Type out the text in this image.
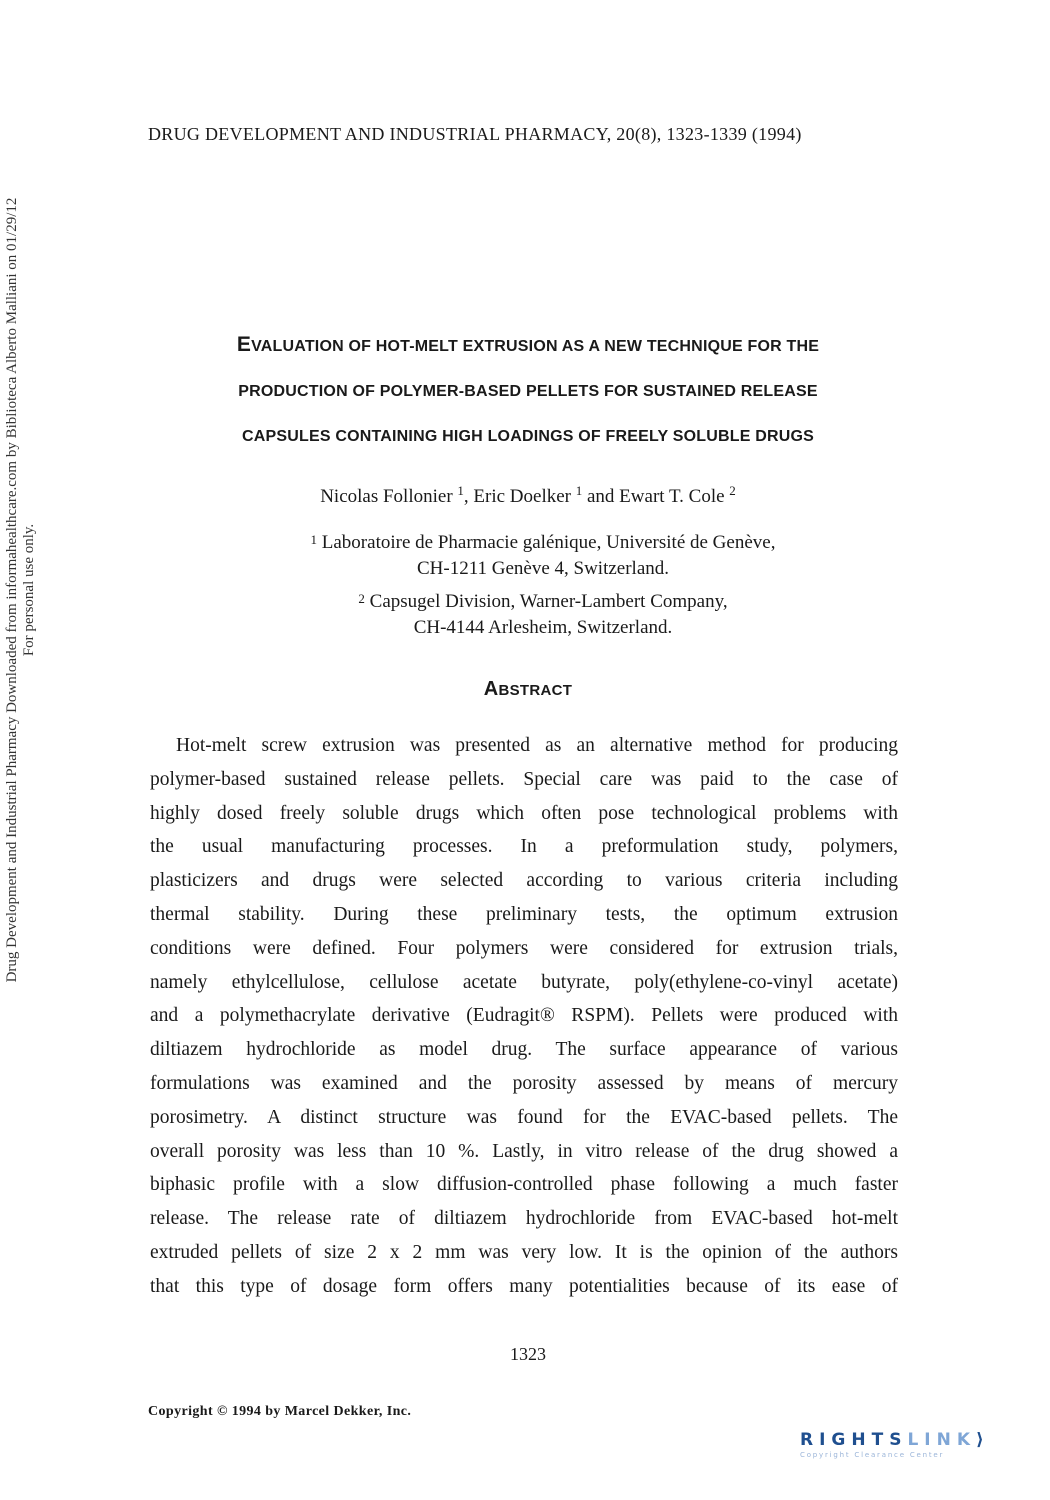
DRUG DEVELOPMENT AND INDUSTRIAL PHARMACY, 20(8), 1323-1339 (1994)
Drug Development and Industrial Pharmacy Downloaded from informahealthcare.com by Biblioteca Alberto Malliani on 01/29/12 For personal use only.
EVALUATION OF HOT-MELT EXTRUSION AS A NEW TECHNIQUE FOR THE
PRODUCTION OF POLYMER-BASED PELLETS FOR SUSTAINED RELEASE
CAPSULES CONTAINING HIGH LOADINGS OF FREELY SOLUBLE DRUGS
Nicolas Follonier $^1$, Eric Doelker $^1$ and Ewart T. Cole $^2$
$^1$ Laboratoire de Pharmacie galénique, Université de Genève,
CH-1211 Genève 4, Switzerland.
$^2$ Capsugel Division, Warner-Lambert Company,
CH-4144 Arlesheim, Switzerland.
ABSTRACT
Hot-melt screw extrusion was presented as an alternative method for producing
polymer-based sustained release pellets. Special care was paid to the case of
highly dosed freely soluble drugs which often pose technological problems with
the usual manufacturing processes. In a preformulation study, polymers,
plasticizers and drugs were selected according to various criteria including
thermal stability. During these preliminary tests, the optimum extrusion
conditions were defined. Four polymers were considered for extrusion trials,
namely ethylcellulose, cellulose acetate butyrate, poly(ethylene-co-vinyl acetate)
and a polymethacrylate derivative (Eudragit® RSPM). Pellets were produced with
diltiazem hydrochloride as model drug. The surface appearance of various
formulations was examined and the porosity assessed by means of mercury
porosimetry. A distinct structure was found for the EVAC-based pellets. The
overall porosity was less than 10 %. Lastly, in vitro release of the drug showed a
biphasic profile with a slow diffusion-controlled phase following a much faster
release. The release rate of diltiazem hydrochloride from EVAC-based hot-melt
extruded pellets of size 2 x 2 mm was very low. It is the opinion of the authors
that this type of dosage form offers many potentialities because of its ease of
1323
Copyright © 1994 by Marcel Dekker, Inc.
RIGHTSLINK⟩
Copyright Clearance Center
